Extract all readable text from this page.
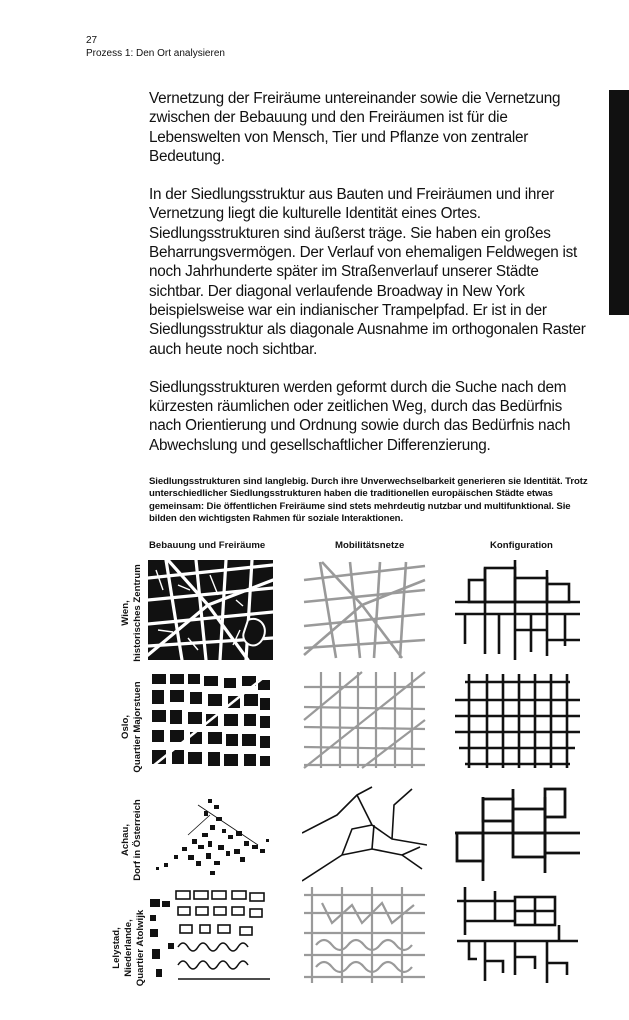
27
Prozess 1: Den Ort analysieren

Vernetzung der Freiräume untereinander sowie die Vernetzung zwischen der Bebauung und den Freiräumen ist für die Lebenswelten von Mensch, Tier und Pflanze von zentraler Bedeutung.

In der Siedlungsstruktur aus Bauten und Freiräumen und ihrer Vernetzung liegt die kulturelle Identität eines Ortes. Siedlungsstrukturen sind äußerst träge. Sie haben ein großes Beharrungsvermögen. Der Verlauf von ehemaligen Feldwegen ist noch Jahrhunderte später im Straßenverlauf unserer Städte sichtbar. Der diagonal verlaufende Broadway in New York beispielsweise war ein indianischer Trampelpfad. Er ist in der Siedlungsstruktur als diagonale Ausnahme im orthogonalen Raster auch heute noch sichtbar.

Siedlungsstrukturen werden geformt durch die Suche nach dem kürzesten räumlichen oder zeitlichen Weg, durch das Bedürfnis nach Orientierung und Ordnung sowie durch das Bedürfnis nach Abwechslung und gesellschaftlicher Differenzierung.

Siedlungsstrukturen sind langlebig. Durch ihre Unverwechselbarkeit generieren sie Identität. Trotz unterschiedlicher Siedlungsstrukturen haben die traditionellen europäischen Städte etwas gemeinsam: Die öffentlichen Freiräume sind stets mehrdeutig nutzbar und multifunktional. Sie bilden den wichtigsten Rahmen für soziale Interaktionen.
Bebauung und Freiräume	Mobilitätsnetze	Konfiguration
Wien, historisches Zentrum
Oslo, Quartier Majorstuen
Achau, Dorf in Österreich
Lelystad, Niederlande, Quartier Atolwijk
